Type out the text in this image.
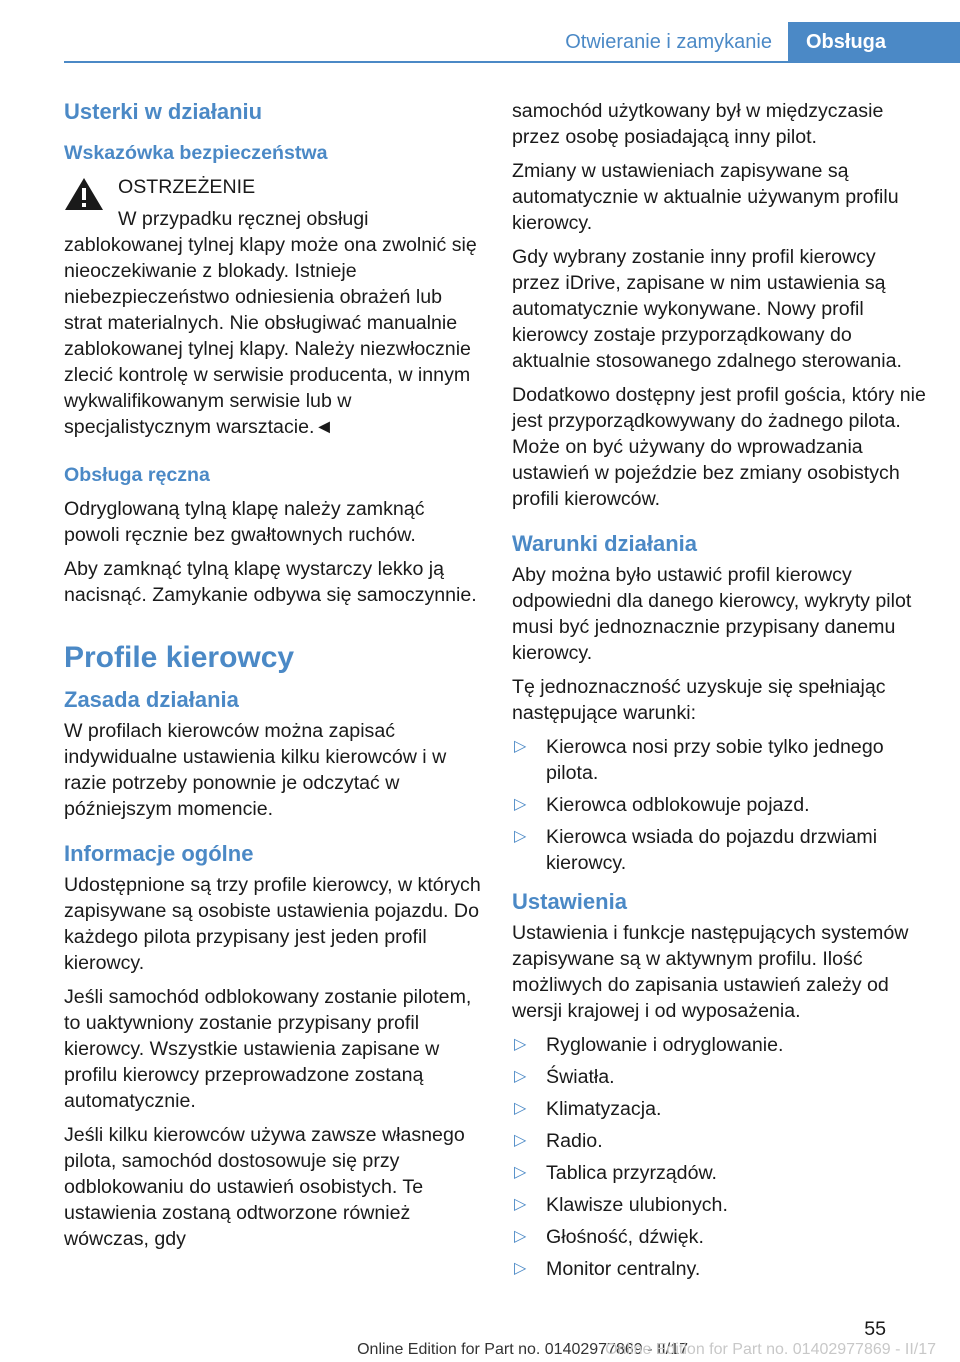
Otwieranie i zamykanie	Obsługa
Usterki w działaniu
Wskazówka bezpieczeństwa

OSTRZEŻENIE

W przypadku ręcznej obsługi zablokowanej tylnej klapy może ona zwolnić się nieoczekiwanie z blokady. Istnieje niebezpieczeństwo odniesienia obrażeń lub strat materialnych. Nie obsługiwać manualnie zablokowanej tylnej klapy. Należy niezwłocznie zlecić kontrolę w serwisie producenta, w innym wykwalifikowanym serwisie lub w specjalistycznym warsztacie.◄

Obsługa ręczna

Odryglowaną tylną klapę należy zamknąć powoli ręcznie bez gwałtownych ruchów.

Aby zamknąć tylną klapę wystarczy lekko ją nacisnąć. Zamykanie odbywa się samoczynnie.

Profile kierowcy
Zasada działania

W profilach kierowców można zapisać indywidualne ustawienia kilku kierowców i w razie potrzeby ponownie je odczytać w późniejszym momencie.

Informacje ogólne

Udostępnione są trzy profile kierowcy, w których zapisywane są osobiste ustawienia pojazdu. Do każdego pilota przypisany jest jeden profil kierowcy.

Jeśli samochód odblokowany zostanie pilotem, to uaktywniony zostanie przypisany profil kierowcy. Wszystkie ustawienia zapisane w profilu kierowcy przeprowadzone zostaną automatycznie.

Jeśli kilku kierowców używa zawsze własnego pilota, samochód dostosowuje się przy odblokowaniu do ustawień osobistych. Te ustawienia zostaną odtworzone również wówczas, gdy

samochód użytkowany był w międzyczasie przez osobę posiadającą inny pilot.

Zmiany w ustawieniach zapisywane są automatycznie w aktualnie używanym profilu kierowcy.

Gdy wybrany zostanie inny profil kierowcy przez iDrive, zapisane w nim ustawienia są automatycznie wykonywane. Nowy profil kierowcy zostaje przyporządkowany do aktualnie stosowanego zdalnego sterowania.

Dodatkowo dostępny jest profil gościa, który nie jest przyporządkowywany do żadnego pilota. Może on być używany do wprowadzania ustawień w pojeździe bez zmiany osobistych profili kierowców.

Warunki działania

Aby można było ustawić profil kierowcy odpowiedni dla danego kierowcy, wykryty pilot musi być jednoznacznie przypisany danemu kierowcy.

Tę jednoznaczność uzyskuje się spełniając następujące warunki:

▷ Kierowca nosi przy sobie tylko jednego pilota.
▷ Kierowca odblokowuje pojazd.
▷ Kierowca wsiada do pojazdu drzwiami kierowcy.
Ustawienia

Ustawienia i funkcje następujących systemów zapisywane są w aktywnym profilu. Ilość możliwych do zapisania ustawień zależy od wersji krajowej i od wyposażenia.

▷ Ryglowanie i odryglowanie.
▷ Światła.
▷ Klimatyzacja.
▷ Radio.
▷ Tablica przyrządów.
▷ Klawisze ulubionych.
▷ Głośność, dźwięk.
▷ Monitor centralny.
55
Online Edition for Part no. 01402977869 - II/17
Online Edition for Part no. 01402977869 - II/17
